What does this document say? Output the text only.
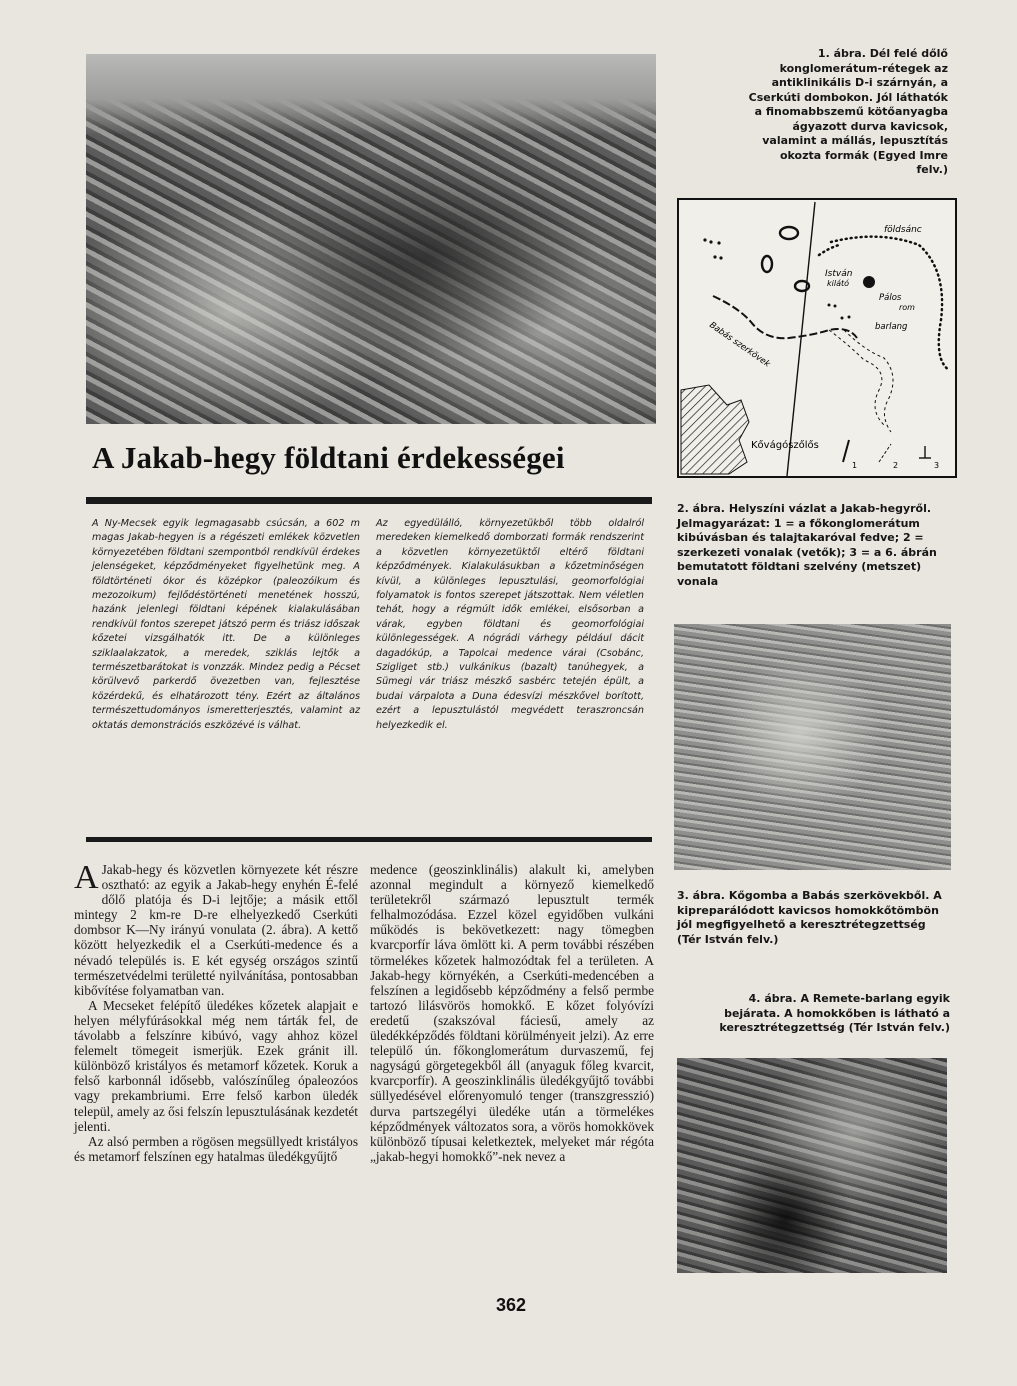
1. ábra. Dél felé dőlő konglomerátum-rétegek az antiklinikális D-i szárnyán, a Cserkúti dombokon. Jól láthatók a finomabbszemű kötőanyagba ágyazott durva kavicsok, valamint a mállás, lepusztítás okozta formák (Egyed Imre felv.)
földsánc
István
kilátó
Pálos
rom
barlang
Babás szerkövek
Kővágószőlős
1	2	3
A Jakab-hegy földtani érdekességei
A Ny-Mecsek egyik legmagasabb csúcsán, a 602 m magas Jakab-hegyen is a régészeti emlékek közvetlen környezetében földtani szempontból rendkívül érdekes jelenségeket, képződményeket figyelhetünk meg. A földtörténeti ókor és középkor (paleozóikum és mezozoikum) fejlődéstörténeti menetének hosszú, hazánk jelenlegi földtani képének kialakulásában rendkívül fontos szerepet játszó perm és triász időszak kőzetei vizsgálhatók itt. De a különleges sziklaalakzatok, a meredek, sziklás lejtők a természetbarátokat is vonzzák. Mindez pedig a Pécset körülvevő parkerdő övezetben van, fejlesztése közérdekű, és elhatározott tény. Ezért az általános természettudományos ismeretterjesztés, valamint az oktatás demonstrációs eszközévé is válhat.
Az egyedülálló, környezetükből több oldalról meredeken kiemelkedő domborzati formák rendszerint a közvetlen környezetüktől eltérő földtani képződmények. Kialakulásukban a kőzetminőségen kívül, a különleges lepusztulási, geomorfológiai folyamatok is fontos szerepet játszottak. Nem véletlen tehát, hogy a régmúlt idők emlékei, elsősorban a várak, egyben földtani és geomorfológiai különlegességek. A nógrádi várhegy például dácit dagadókúp, a Tapolcai medence várai (Csobánc, Szigliget stb.) vulkánikus (bazalt) tanúhegyek, a Sümegi vár triász mészkő sasbérc tetején épült, a budai várpalota a Duna édesvízi mészkővel borított, ezért a lepusztulástól megvédett teraszroncsán helyezkedik el.
2. ábra. Helyszíni vázlat a Jakab-hegyről. Jelmagyarázat: 1 = a főkonglomerátum kibúvásban és talajtakaróval fedve; 2 = szerkezeti vonalak (vetők); 3 = a 6. ábrán bemutatott földtani szelvény (metszet) vonala
3. ábra. Kőgomba a Babás szerkövekből. A kipreparálódott kavicsos homokkőtömbön jól megfigyelhető a keresztrétegzettség (Tér István felv.)
4. ábra. A Remete-barlang egyik bejárata. A homokkőben is látható a keresztrétegzettség (Tér István felv.)

A Jakab-hegy és közvetlen környezete két részre osztható: az egyik a Jakab-hegy enyhén É-felé dőlő platója és D-i lejtője; a másik ettől mintegy 2 km-re D-re elhelyezkedő Cserkúti dombsor K—Ny irányú vonulata (2. ábra). A kettő között helyezkedik el a Cserkúti-medence és a névadó település is. E két egység országos szintű természetvédelmi területté nyilvánítása, pontosabban kibővítése folyamatban van.

A Mecseket felépítő üledékes kőzetek alapjait e helyen mélyfúrásokkal még nem tárták fel, de távolabb a felszínre kibúvó, vagy ahhoz közel felemelt tömegeit ismerjük. Ezek gránit ill. különböző kristályos és metamorf kőzetek. Koruk a felső karbonnál idősebb, valószínűleg ópaleozóos vagy prekambriumi. Erre felső karbon üledék települ, amely az ősi felszín lepusztulásának kezdetét jelenti.

Az alsó permben a rögösen megsüllyedt kristályos és metamorf felszínen egy hatalmas üledékgyűjtő

medence (geoszinklinális) alakult ki, amelyben azonnal megindult a környező kiemelkedő területekről származó lepusztult termék felhalmozódása. Ezzel közel egyidőben vulkáni működés is bekövetkezett: nagy tömegben kvarcporfír láva ömlött ki. A perm további részében törmelékes kőzetek halmozódtak fel a területen. A Jakab-hegy környékén, a Cserkúti-medencében a felszínen a legidősebb képződmény a felső permbe tartozó lilásvörös homokkő. E kőzet folyóvízi eredetű (szakszóval fáciesű, amely az üledékképződés földtani körülményeit jelzi). Az erre települő ún. főkonglomerátum durvaszemű, fej nagyságú görgetegekből áll (anyaguk főleg kvarcit, kvarcporfír). A geoszinklinális üledékgyűjtő további süllyedésével előrenyomuló tenger (transzgresszió) durva partszegélyi üledéke után a törmelékes képződmények változatos sora, a vörös homokkövek különböző típusai keletkeztek, melyeket már régóta „jakab-hegyi homokkő”-nek nevez a

362
